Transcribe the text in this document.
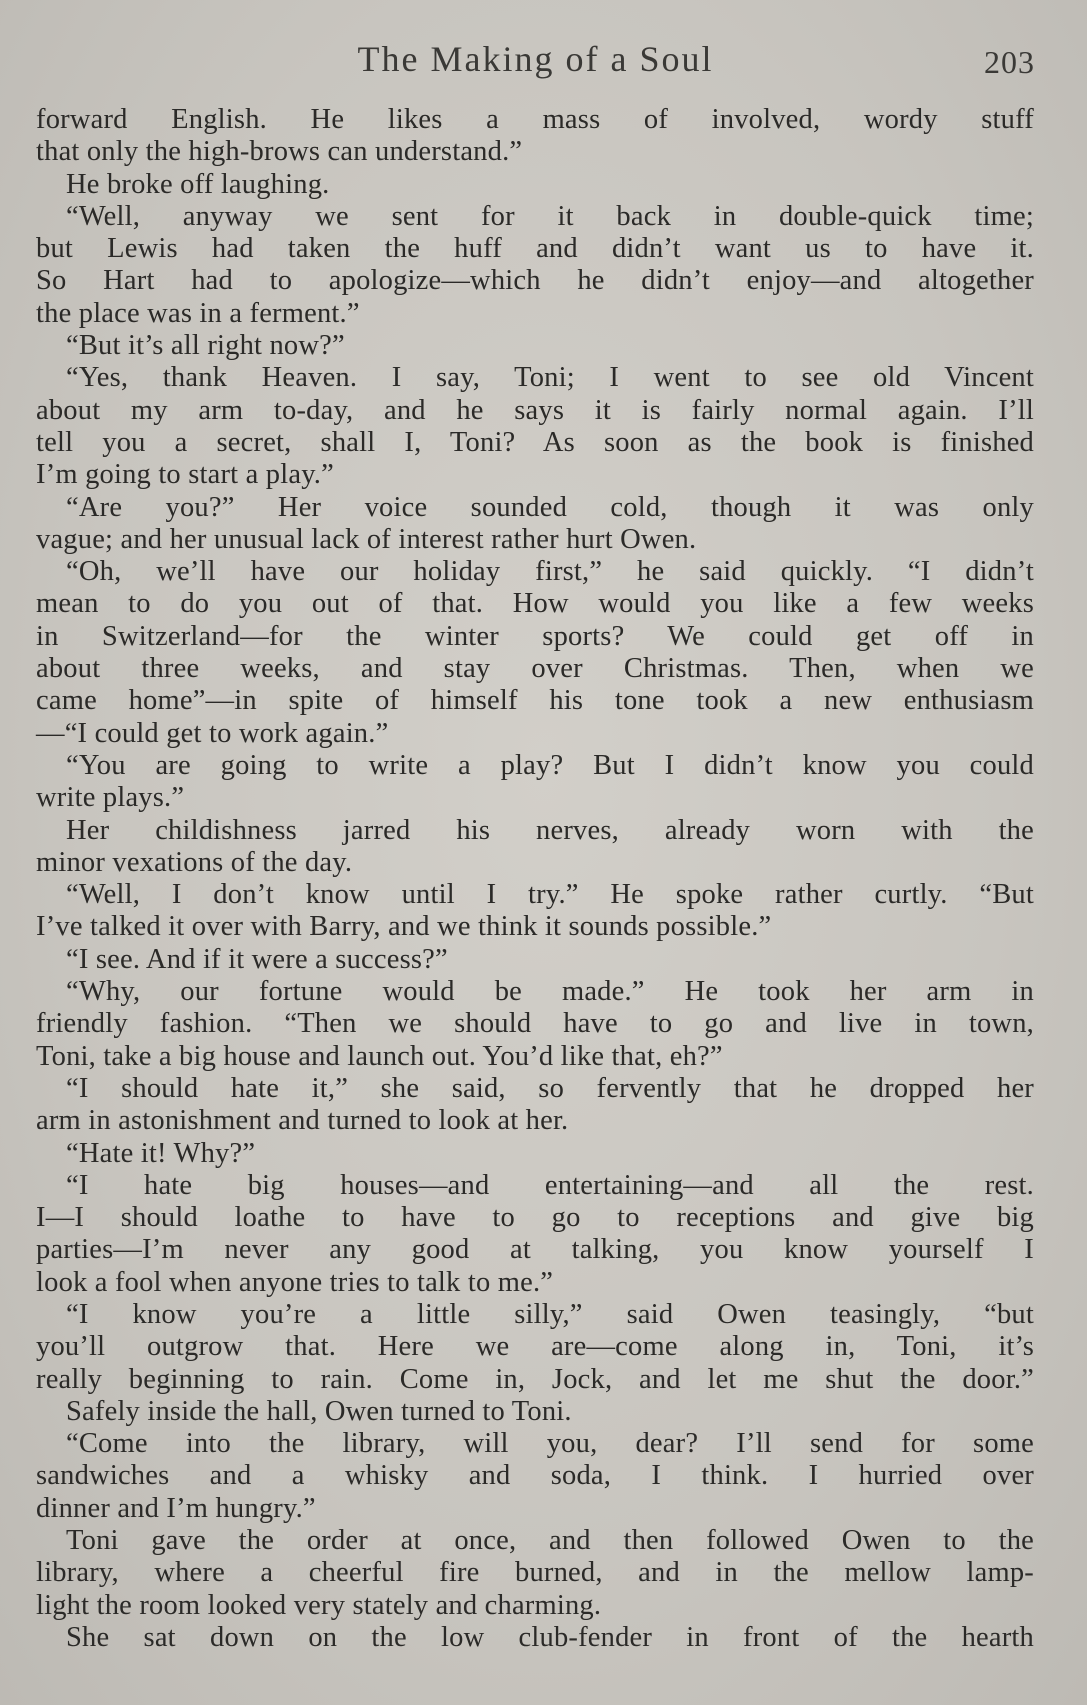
The Making of a Soul	203
forward English. He likes a mass of involved, wordy stuff
that only the high-brows can understand.”
He broke off laughing.
“Well, anyway we sent for it back in double-quick time;
but Lewis had taken the huff and didn’t want us to have it.
So Hart had to apologize—which he didn’t enjoy—and altogether
the place was in a ferment.”
“But it’s all right now?”
“Yes, thank Heaven. I say, Toni; I went to see old Vincent
about my arm to-day, and he says it is fairly normal again. I’ll
tell you a secret, shall I, Toni? As soon as the book is finished
I’m going to start a play.”
“Are you?” Her voice sounded cold, though it was only
vague; and her unusual lack of interest rather hurt Owen.
“Oh, we’ll have our holiday first,” he said quickly. “I didn’t
mean to do you out of that. How would you like a few weeks
in Switzerland—for the winter sports? We could get off in
about three weeks, and stay over Christmas. Then, when we
came home”—in spite of himself his tone took a new enthusiasm
—“I could get to work again.”
“You are going to write a play? But I didn’t know you could
write plays.”
Her childishness jarred his nerves, already worn with the
minor vexations of the day.
“Well, I don’t know until I try.” He spoke rather curtly. “But
I’ve talked it over with Barry, and we think it sounds possible.”
“I see. And if it were a success?”
“Why, our fortune would be made.” He took her arm in
friendly fashion. “Then we should have to go and live in town,
Toni, take a big house and launch out. You’d like that, eh?”
“I should hate it,” she said, so fervently that he dropped her
arm in astonishment and turned to look at her.
“Hate it! Why?”
“I hate big houses—and entertaining—and all the rest.
I—I should loathe to have to go to receptions and give big
parties—I’m never any good at talking, you know yourself I
look a fool when anyone tries to talk to me.”
“I know you’re a little silly,” said Owen teasingly, “but
you’ll outgrow that. Here we are—come along in, Toni, it’s
really beginning to rain. Come in, Jock, and let me shut the door.”
Safely inside the hall, Owen turned to Toni.
“Come into the library, will you, dear? I’ll send for some
sandwiches and a whisky and soda, I think. I hurried over
dinner and I’m hungry.”
Toni gave the order at once, and then followed Owen to the
library, where a cheerful fire burned, and in the mellow lamp-
light the room looked very stately and charming.
She sat down on the low club-fender in front of the hearth
